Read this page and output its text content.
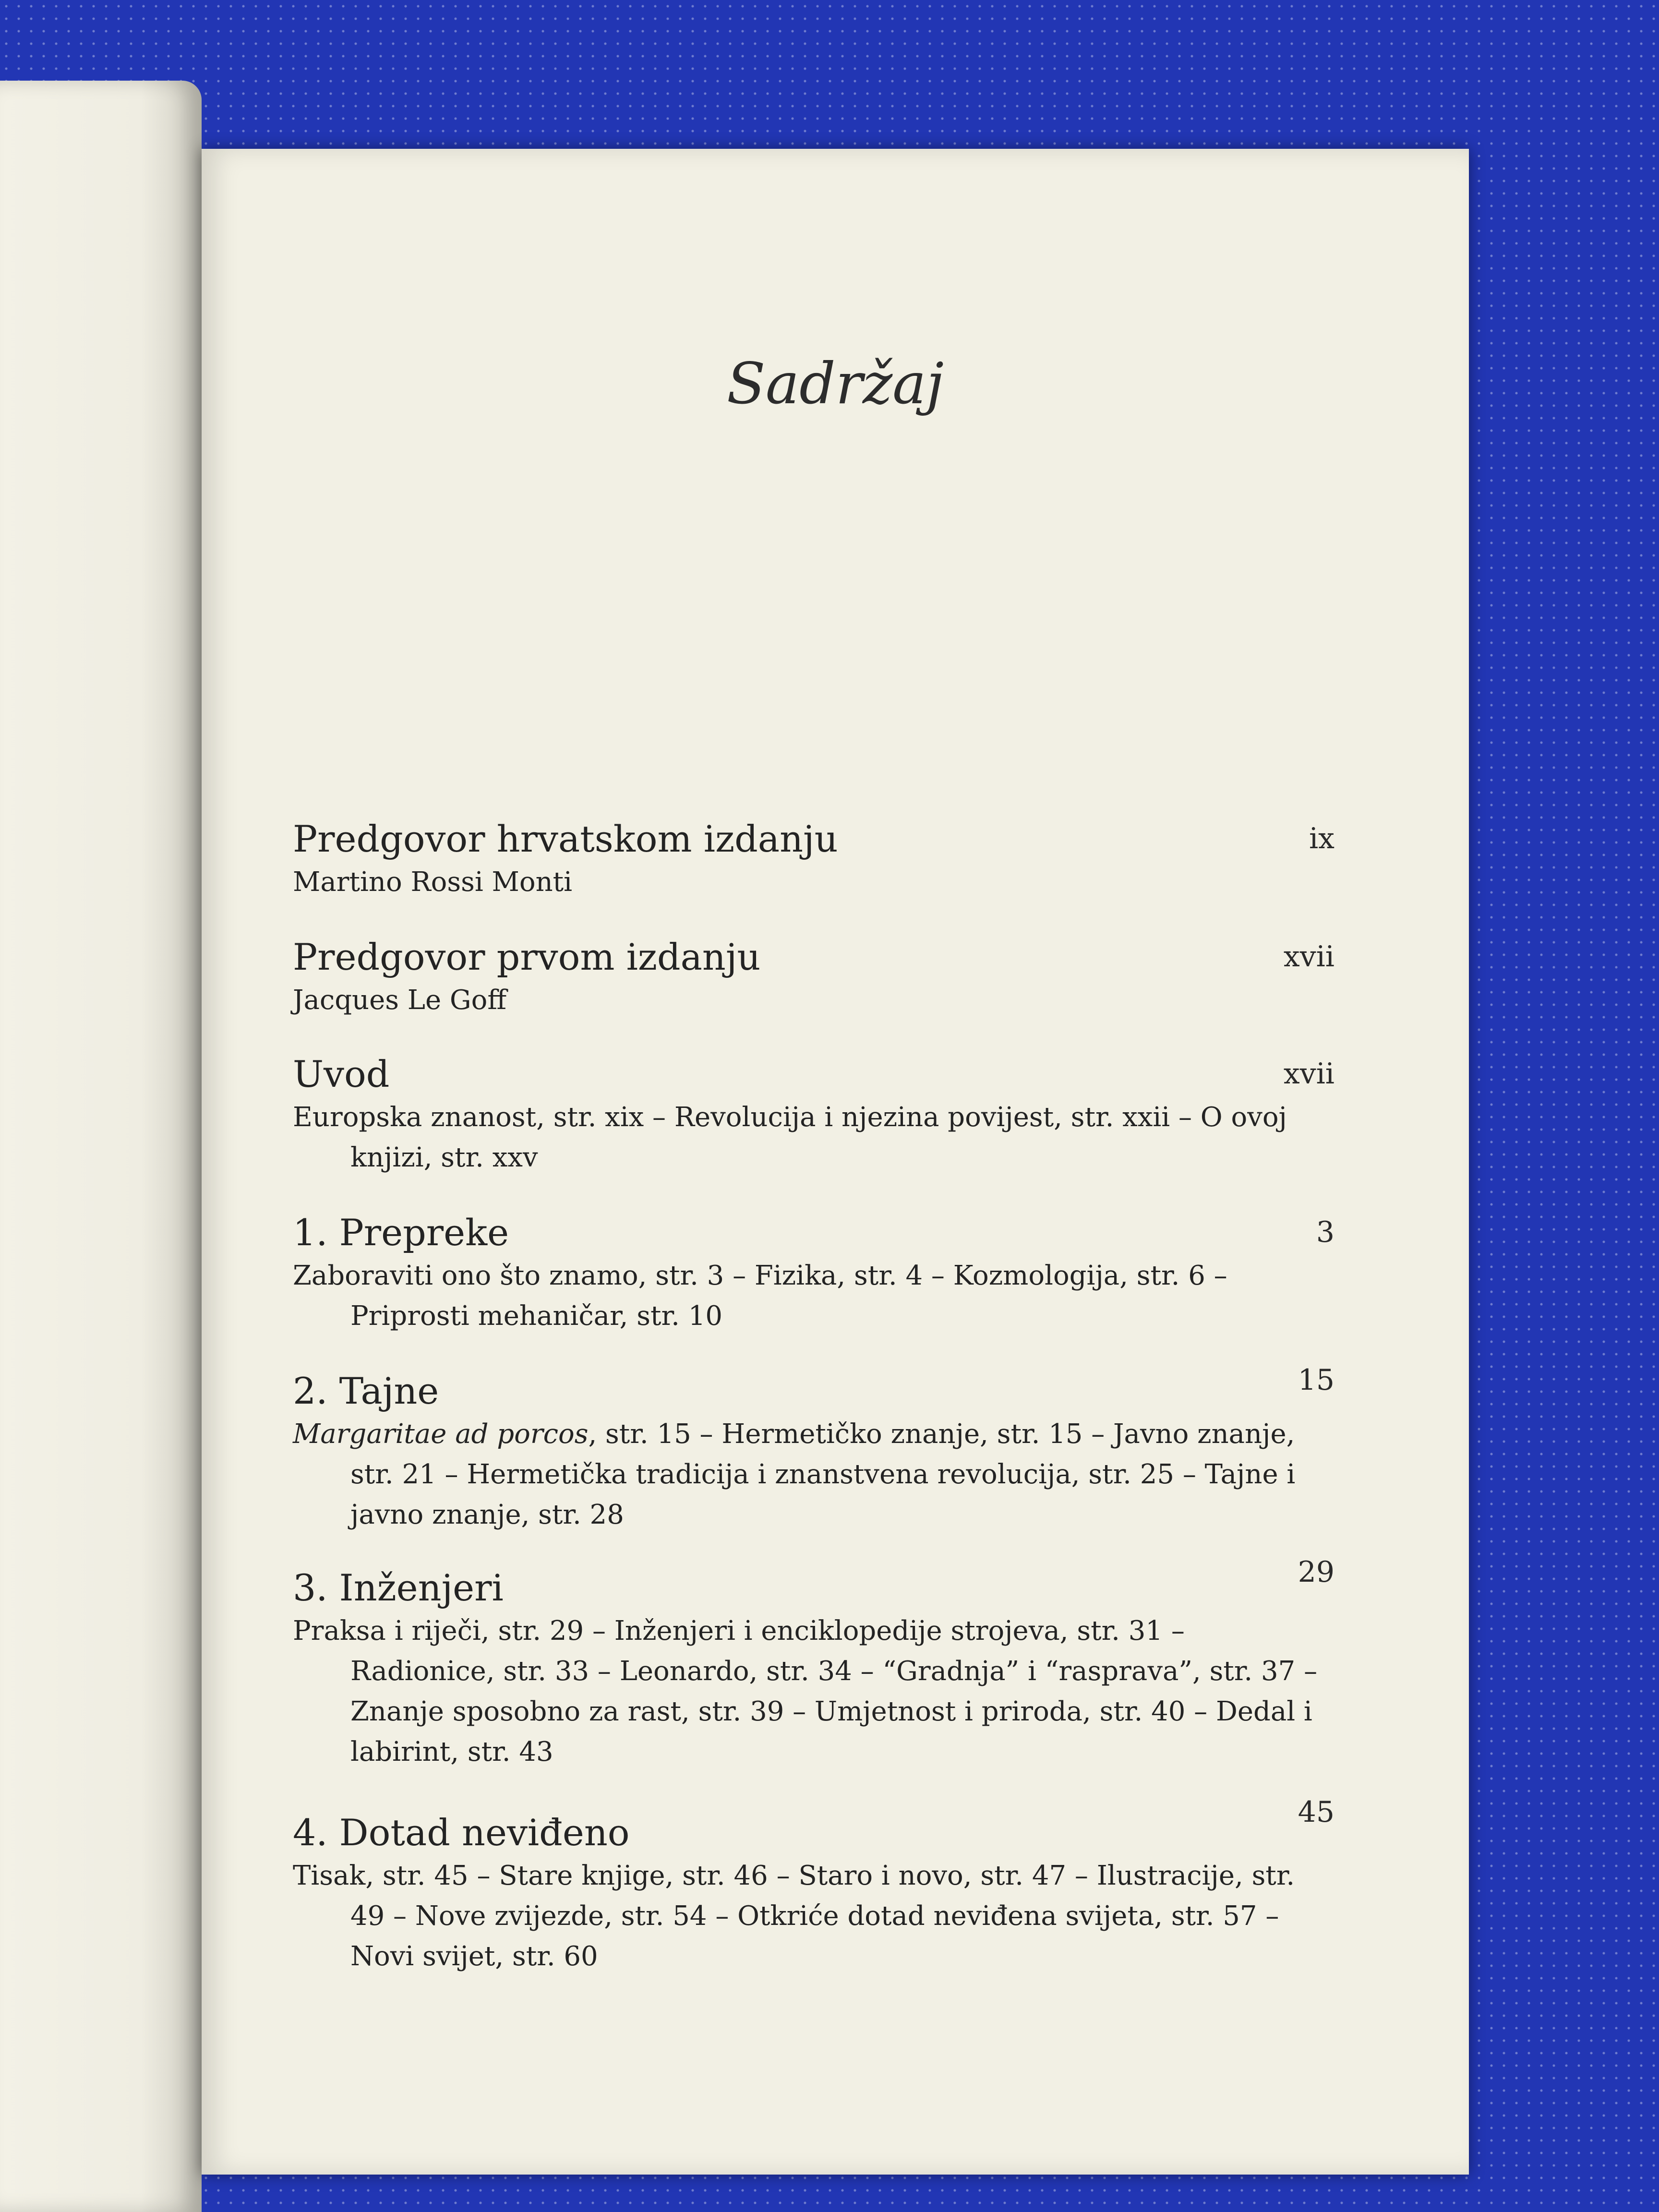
Sadržaj
Predgovor hrvatskom izdanju
Martino Rossi Monti
ix
Predgovor prvom izdanju
Jacques Le Goff
xvii
Uvod
Europska znanost, str. xix – Revolucija i njezina povijest, str. xxii – O ovoj knjizi, str. xxv
xvii
1. Prepreke
Zaboraviti ono što znamo, str. 3 – Fizika, str. 4 – Kozmologija, str. 6 – Priprosti mehaničar, str. 10
3
2. Tajne
Margaritae ad porcos, str. 15 – Hermetičko znanje, str. 15 – Javno znanje, str. 21 – Hermetička tradicija i znanstvena revolucija, str. 25 – Tajne i javno znanje, str. 28
15
3. Inženjeri
Praksa i riječi, str. 29 – Inženjeri i enciklopedije strojeva, str. 31 – Radionice, str. 33 – Leonardo, str. 34 – “Gradnja” i “rasprava”, str. 37 – Znanje sposobno za rast, str. 39 – Umjetnost i priroda, str. 40 – Dedal i labirint, str. 43
29
4. Dotad neviđeno
Tisak, str. 45 – Stare knjige, str. 46 – Staro i novo, str. 47 – Ilustracije, str. 49 – Nove zvijezde, str. 54 – Otkriće dotad neviđena svijeta, str. 57 – Novi svijet, str. 60
45
